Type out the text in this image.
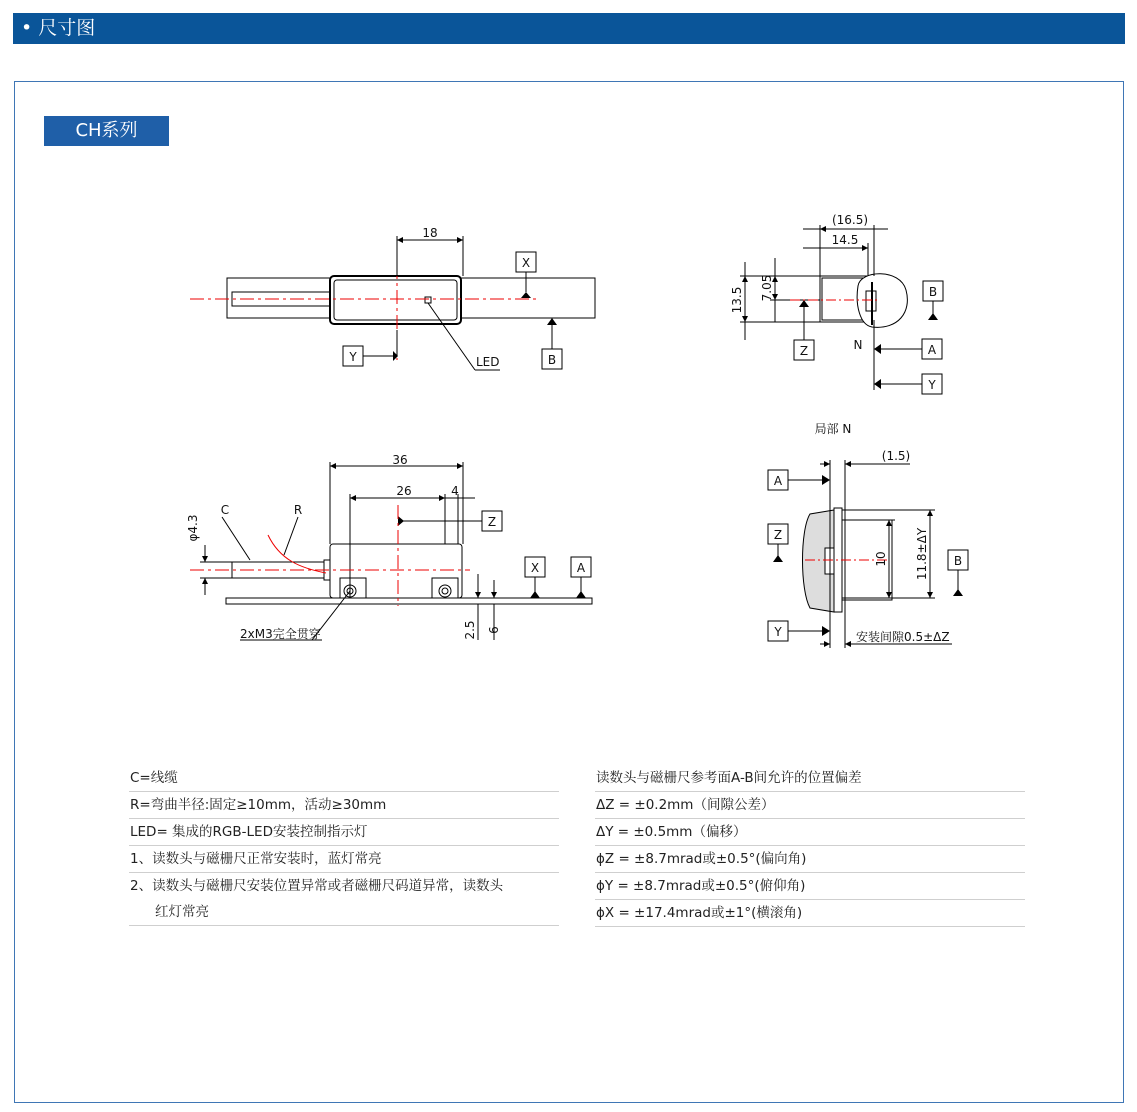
• 尺寸图
CH系列
18
X
Y	B
LED
(16.5)
14.5
13.5 7.05	B
Z	A
Y
N
36
26	4
φ4.3
C	R
Z
X	A
2.5 6
2xM3完全贯穿
局部 N
(1.5)
10 11.8±ΔY
A
Z
Y
B
安装间隙0.5±ΔZ
C=线缆
R=弯曲半径:固定≥10mm，活动≥30mm
LED= 集成的RGB-LED安装控制指示灯
1、读数头与磁栅尺正常安装时，蓝灯常亮
2、读数头与磁栅尺安装位置异常或者磁栅尺码道异常，读数头
红灯常亮
读数头与磁栅尺参考面A-B间允许的位置偏差
ΔZ = ±0.2mm（间隙公差）
ΔY = ±0.5mm（偏移）
ϕZ = ±8.7mrad或±0.5°(偏向角)
ϕY = ±8.7mrad或±0.5°(俯仰角)
ϕX = ±17.4mrad或±1°(横滚角)
